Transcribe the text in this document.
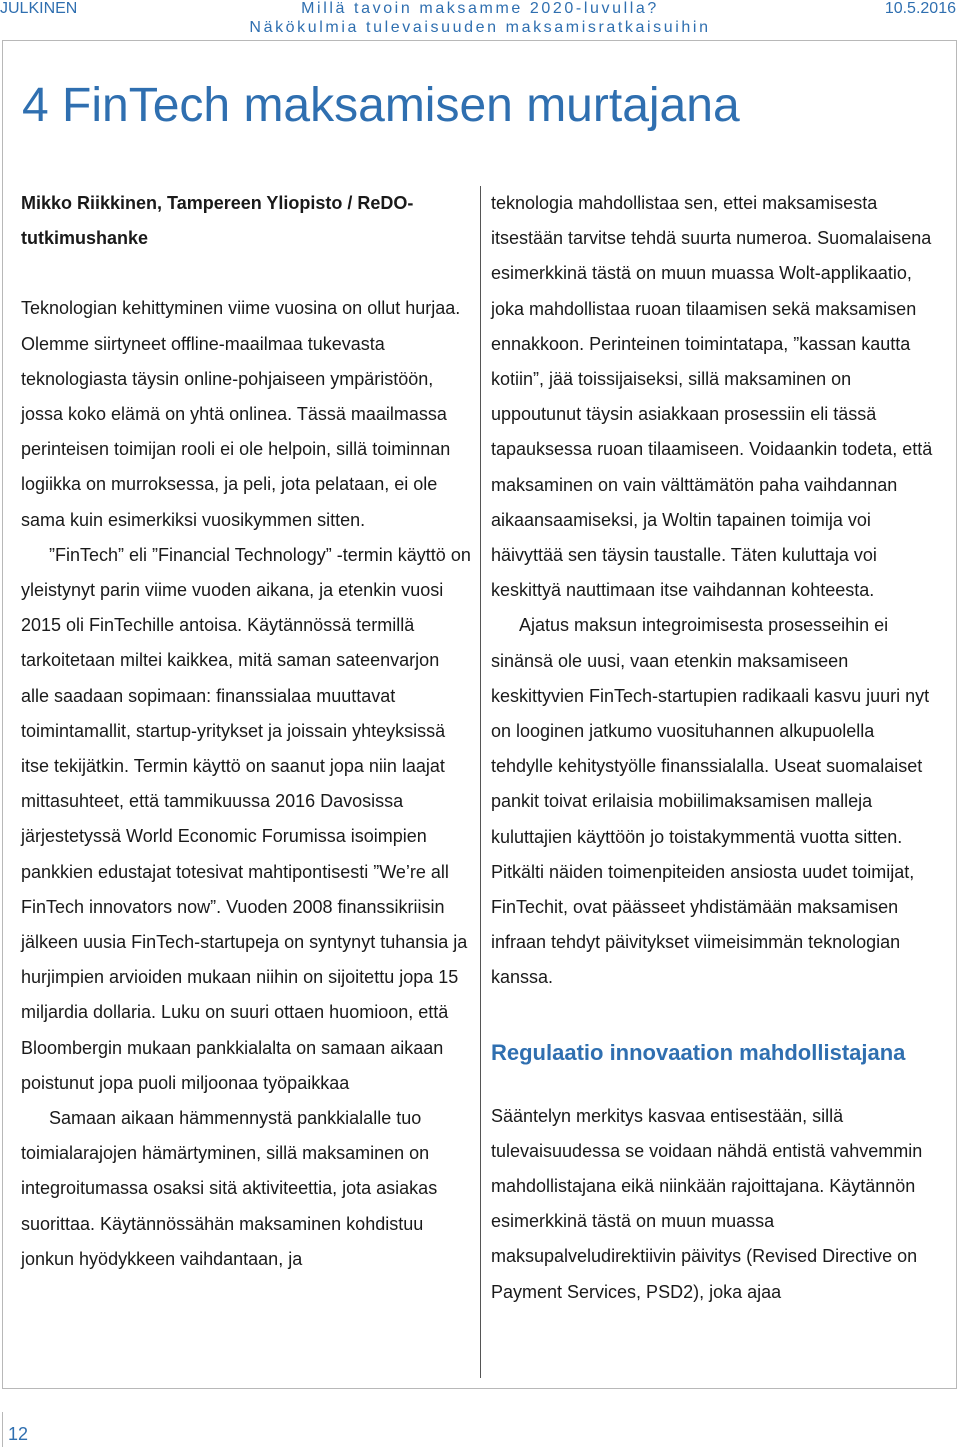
JULKINEN	Millä tavoin maksamme 2020-luvulla?
Näkökulmia tulevaisuuden maksamisratkaisuihin
10.5.2016
4 FinTech maksamisen murtajana

Mikko Riikkinen, Tampereen Yliopisto / ReDO-tutkimushanke

Teknologian kehittyminen viime vuosina on ollut hurjaa. Olemme siirtyneet offline-maailmaa tukevasta teknologiasta täysin online-pohjaiseen ympäristöön, jossa koko elämä on yhtä onlinea. Tässä maailmassa perinteisen toimijan rooli ei ole helpoin, sillä toiminnan logiikka on murroksessa, ja peli, jota pelataan, ei ole sama kuin esimerkiksi vuosikymmen sitten.

”FinTech” eli ”Financial Technology” -termin käyttö on yleistynyt parin viime vuoden aikana, ja etenkin vuosi 2015 oli FinTechille antoisa. Käytännössä termillä tarkoitetaan miltei kaikkea, mitä saman sateenvarjon alle saadaan sopimaan: finanssialaa muuttavat toimintamallit, startup-yritykset ja joissain yhteyksissä itse tekijätkin. Termin käyttö on saanut jopa niin laajat mittasuhteet, että tammikuussa 2016 Davosissa järjestetyssä World Economic Forumissa isoimpien pankkien edustajat totesivat mahtipontisesti ”We’re all FinTech innovators now”. Vuoden 2008 finanssikriisin jälkeen uusia FinTech-startupeja on syntynyt tuhansia ja hurjimpien arvioiden mukaan niihin on sijoitettu jopa 15 miljardia dollaria. Luku on suuri ottaen huomioon, että Bloombergin mukaan pankkialalta on samaan aikaan poistunut jopa puoli miljoonaa työpaikkaa

Samaan aikaan hämmennystä pankkialalle tuo toimialarajojen hämärtyminen, sillä maksaminen on integroitumassa osaksi sitä aktiviteettia, jota asiakas suorittaa. Käytännössähän maksaminen kohdistuu jonkun hyödykkeen vaihdantaan, ja

teknologia mahdollistaa sen, ettei maksamisesta itsestään tarvitse tehdä suurta numeroa. Suomalaisena esimerkkinä tästä on muun muassa Wolt-applikaatio, joka mahdollistaa ruoan tilaamisen sekä maksamisen ennakkoon. Perinteinen toimintatapa, ”kassan kautta kotiin”, jää toissijaiseksi, sillä maksaminen on uppoutunut täysin asiakkaan prosessiin eli tässä tapauksessa ruoan tilaamiseen. Voidaankin todeta, että maksaminen on vain välttämätön paha vaihdannan aikaansaamiseksi, ja Woltin tapainen toimija voi häivyttää sen täysin taustalle. Täten kuluttaja voi keskittyä nauttimaan itse vaihdannan kohteesta.

Ajatus maksun integroimisesta prosesseihin ei sinänsä ole uusi, vaan etenkin maksamiseen keskittyvien FinTech-startupien radikaali kasvu juuri nyt on looginen jatkumo vuosituhannen alkupuolella tehdylle kehitystyölle finanssialalla. Useat suomalaiset pankit toivat erilaisia mobiilimaksamisen malleja kuluttajien käyttöön jo toistakymmentä vuotta sitten. Pitkälti näiden toimenpiteiden ansiosta uudet toimijat, FinTechit, ovat päässeet yhdistämään maksamisen infraan tehdyt päivitykset viimeisimmän teknologian kanssa.

Regulaatio innovaation mahdollistajana

Sääntelyn merkitys kasvaa entisestään, sillä tulevaisuudessa se voidaan nähdä entistä vahvemmin mahdollistajana eikä niinkään rajoittajana. Käytännön esimerkkinä tästä on muun muassa maksupalveludirektiivin päivitys (Revised Directive on Payment Services, PSD2), joka ajaa

12
